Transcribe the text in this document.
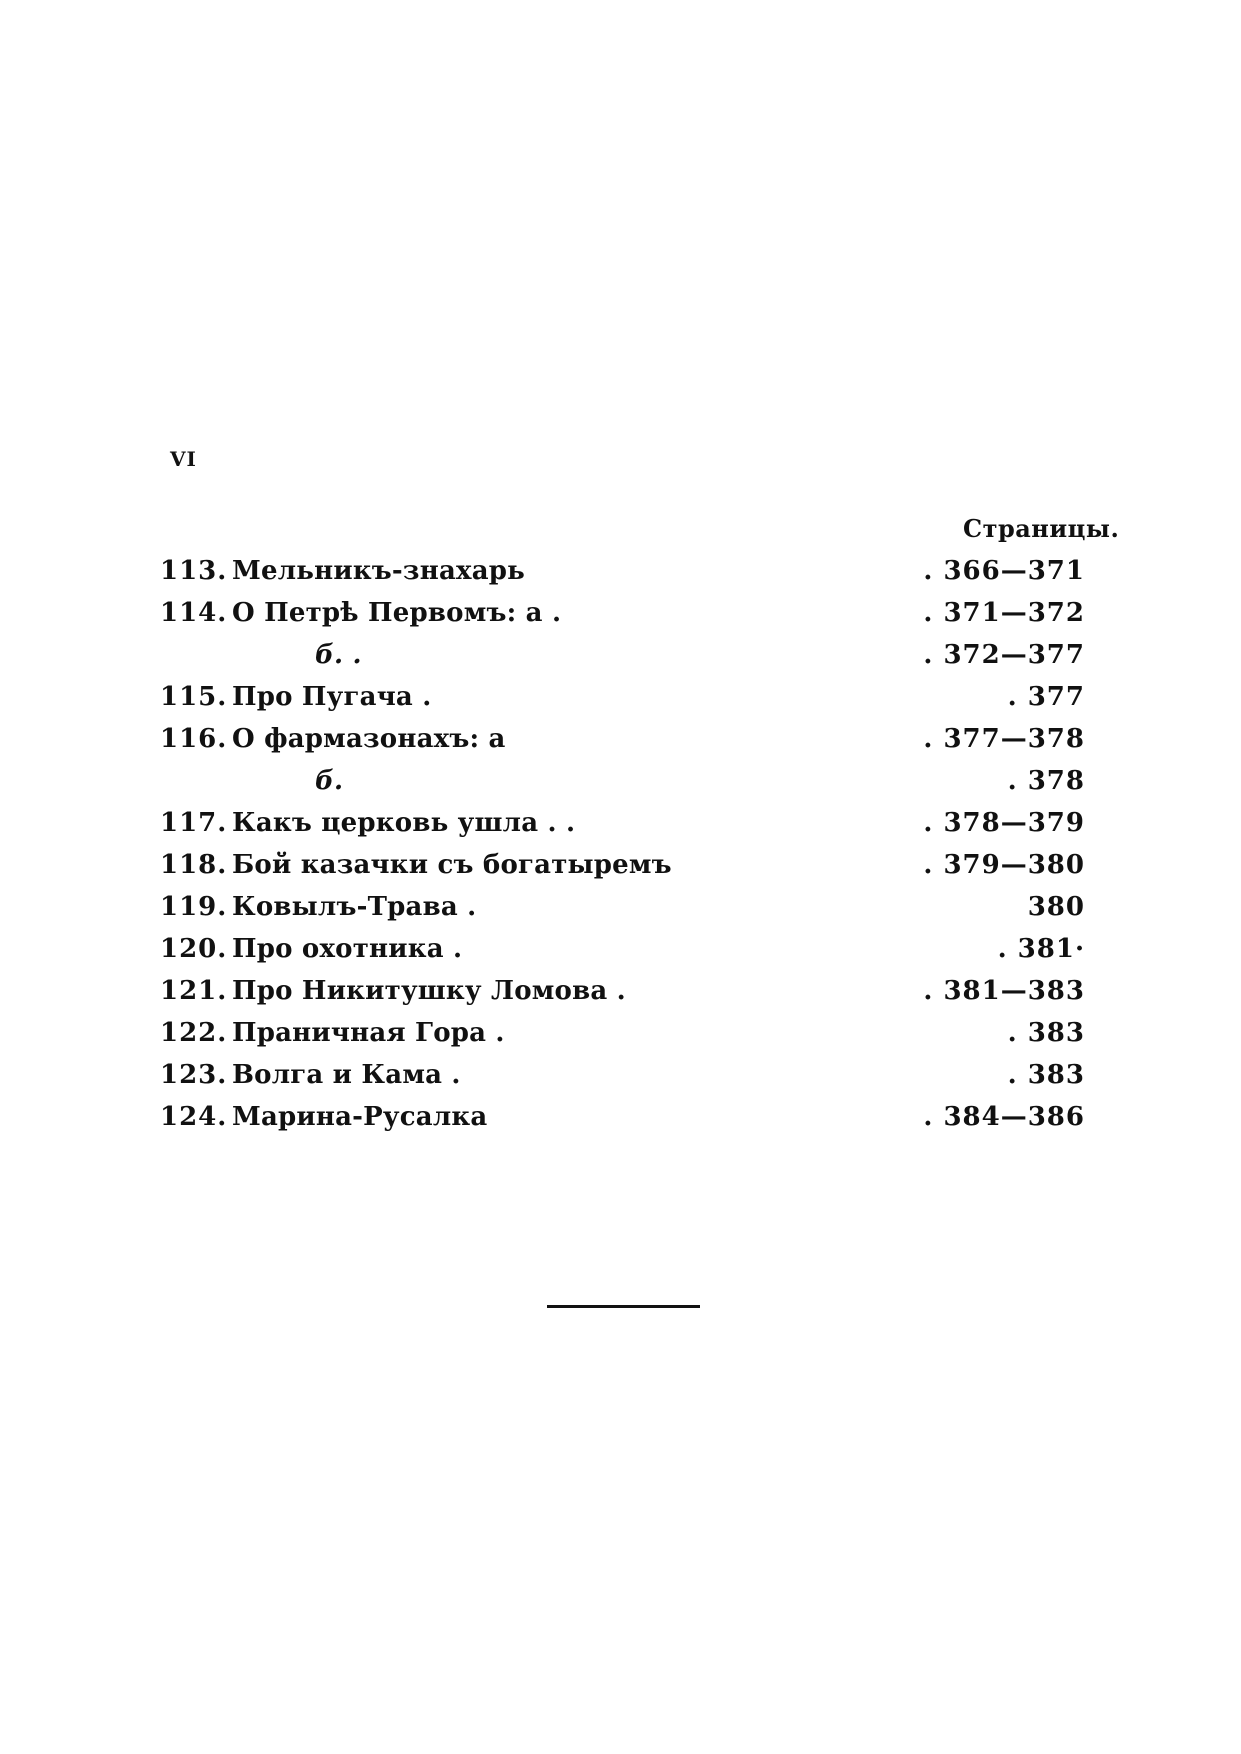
VI
Страницы.
113. Мельникъ-знахарь	. 366—371
114. О Петрѣ Первомъ: а .	. 371—372
б. .	. 372—377
115. Про Пугача .	. 377
116. О фармазонахъ: а	. 377—378
б.	. 378
117. Какъ церковь ушла . .	. 378—379
118. Бой казачки съ богатыремъ	. 379—380
119. Ковылъ-Трава .	380
120. Про охотника .	. 381·
121. Про Никитушку Ломова .	. 381—383
122. Праничная Гора .	. 383
123. Волга и Кама .	. 383
124. Марина-Русалка	. 384—386
